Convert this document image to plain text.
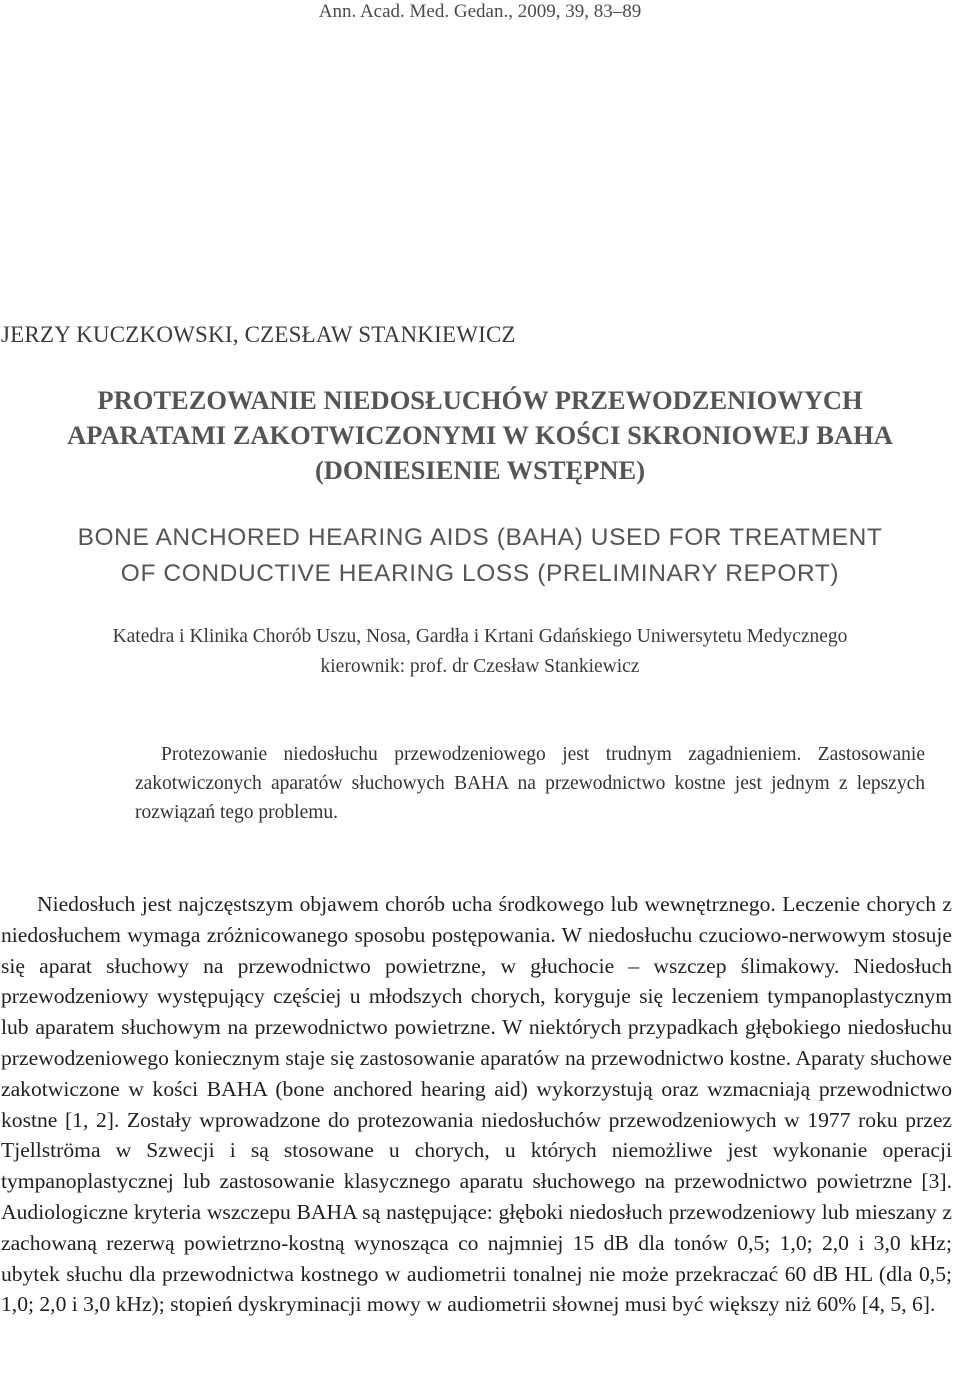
Ann. Acad. Med. Gedan., 2009, 39, 83–89
JERZY KUCZKOWSKI, CZESŁAW STANKIEWICZ
PROTEZOWANIE NIEDOSŁUCHÓW PRZEWODZENIOWYCH
APARATAMI ZAKOTWICZONYMI W KOŚCI SKRONIOWEJ BAHA
(DONIESIENIE WSTĘPNE)
BONE ANCHORED HEARING AIDS (BAHA) USED FOR TREATMENT
OF CONDUCTIVE HEARING LOSS (PRELIMINARY REPORT)
Katedra i Klinika Chorób Uszu, Nosa, Gardła i Krtani Gdańskiego Uniwersytetu Medycznego
kierownik: prof. dr Czesław Stankiewicz

Protezowanie niedosłuchu przewodzeniowego jest trudnym zagadnieniem. Zastosowanie zakotwiczonych aparatów słuchowych BAHA na przewodnictwo kostne jest jednym z lepszych rozwiązań tego problemu.

Niedosłuch jest najczęstszym objawem chorób ucha środkowego lub wewnętrznego. Leczenie chorych z niedosłuchem wymaga zróżnicowanego sposobu postępowania. W niedosłuchu czuciowo-nerwowym stosuje się aparat słuchowy na przewodnictwo powietrzne, w głuchocie – wszczep ślimakowy. Niedosłuch przewodzeniowy występujący częściej u młodszych chorych, koryguje się leczeniem tympanoplastycznym lub aparatem słuchowym na przewodnictwo powietrzne. W niektórych przypadkach głębokiego niedosłuchu przewodzeniowego koniecznym staje się zastosowanie aparatów na przewodnictwo kostne. Aparaty słuchowe zakotwiczone w kości BAHA (bone anchored hearing aid) wykorzystują oraz wzmacniają przewodnictwo kostne [1, 2]. Zostały wprowadzone do protezowania niedosłuchów przewodzeniowych w 1977 roku przez Tjellströma w Szwecji i są stosowane u chorych, u których niemożliwe jest wykonanie operacji tympanoplastycznej lub zastosowanie klasycznego aparatu słuchowego na przewodnictwo powietrzne [3]. Audiologiczne kryteria wszczepu BAHA są następujące: głęboki niedosłuch przewodzeniowy lub mieszany z zachowaną rezerwą powietrzno-kostną wynosząca co najmniej 15 dB dla tonów 0,5; 1,0; 2,0 i 3,0 kHz; ubytek słuchu dla przewodnictwa kostnego w audiometrii tonalnej nie może przekraczać 60 dB HL (dla 0,5; 1,0; 2,0 i 3,0 kHz); stopień dyskryminacji mowy w audiometrii słownej musi być większy niż 60% [4, 5, 6].
